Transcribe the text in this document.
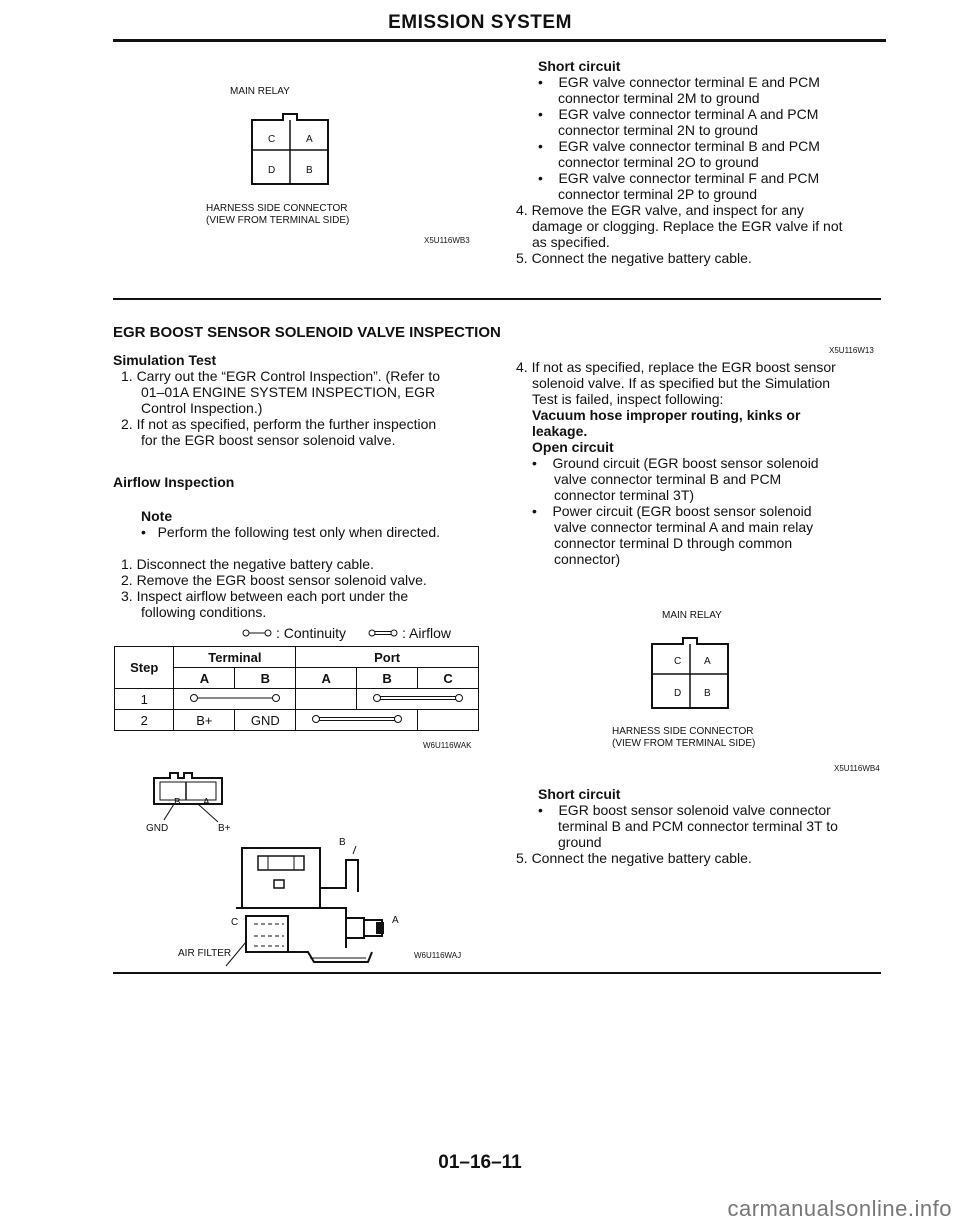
EMISSION SYSTEM
MAIN RELAY
C	A
D	B
HARNESS SIDE CONNECTOR
(VIEW FROM TERMINAL SIDE)
X5U116WB3
Short circuit
•    EGR valve connector terminal E and PCM
connector terminal 2M to ground
•    EGR valve connector terminal A and PCM
connector terminal 2N to ground
•    EGR valve connector terminal B and PCM
connector terminal 2O to ground
•    EGR valve connector terminal F and PCM
connector terminal 2P to ground
4. Remove the EGR valve, and inspect for any
damage or clogging. Replace the EGR valve if not
as specified.
5. Connect the negative battery cable.
EGR BOOST SENSOR SOLENOID VALVE INSPECTION
X5U116W13
Simulation Test
1. Carry out the “EGR Control Inspection”. (Refer to
01–01A ENGINE SYSTEM INSPECTION, EGR
Control Inspection.)
2. If not as specified, perform the further inspection
for the EGR boost sensor solenoid valve.
Airflow Inspection
Note
•   Perform the following test only when directed.
1. Disconnect the negative battery cable.
2. Remove the EGR boost sensor solenoid valve.
3. Inspect airflow between each port under the
following conditions.
: Continuity	: Airflow
Step	Terminal		Port		
	A	B	A	B	C
1			
2	B+	GND		
W6U116WAK
B A
GND	B+
B
C	A
AIR FILTER	W6U116WAJ
4. If not as specified, replace the EGR boost sensor
solenoid valve. If as specified but the Simulation
Test is failed, inspect following:
Vacuum hose improper routing, kinks or
leakage.
Open circuit
•    Ground circuit (EGR boost sensor solenoid
valve connector terminal B and PCM
connector terminal 3T)
•    Power circuit (EGR boost sensor solenoid
valve connector terminal A and main relay
connector terminal D through common
connector)
MAIN RELAY
C A
D B
HARNESS SIDE CONNECTOR
(VIEW FROM TERMINAL SIDE)
X5U116WB4
Short circuit
•    EGR boost sensor solenoid valve connector
terminal B and PCM connector terminal 3T to
ground
5. Connect the negative battery cable.
01–16–11
carmanualsonline.info
